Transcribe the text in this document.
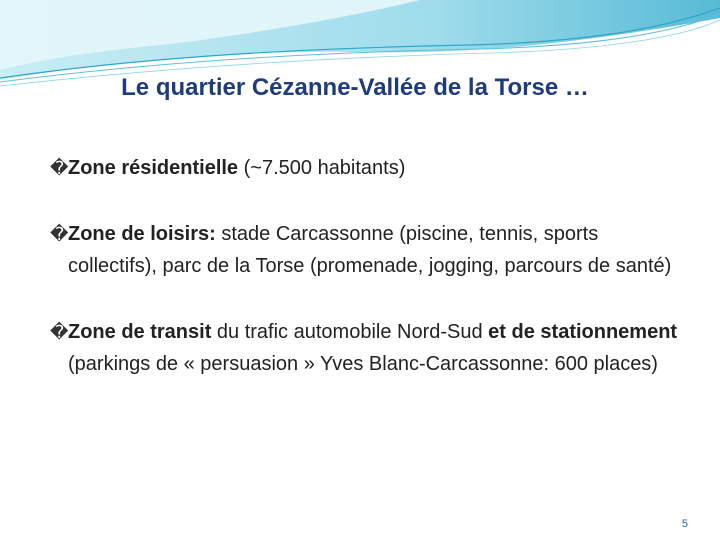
Le quartier Cézanne-Vallée de la Torse …
� Zone résidentielle (~7.500 habitants)
� Zone de loisirs: stade Carcassonne (piscine, tennis, sports collectifs), parc de la Torse (promenade, jogging, parcours de santé)
� Zone de transit du trafic automobile Nord-Sud et de stationnement (parkings de « persuasion » Yves Blanc-Carcassonne: 600 places)
5
